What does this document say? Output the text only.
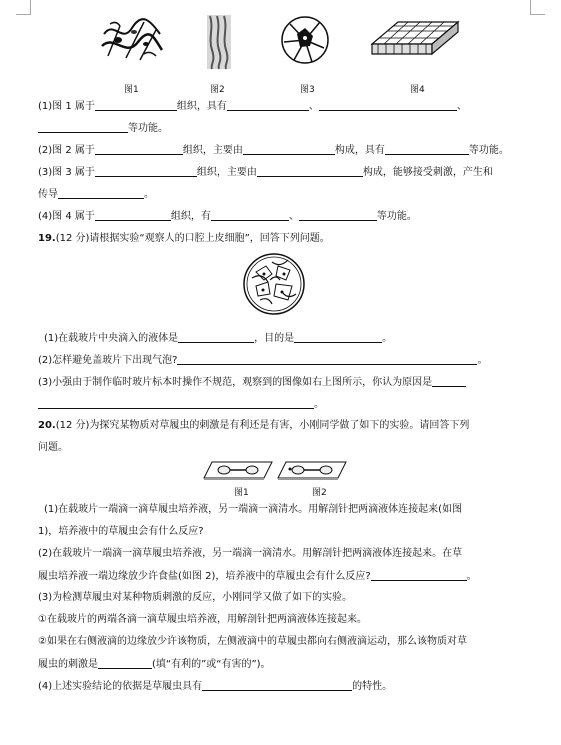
图1	图2	图3	图4
(1)图 1 属于	组织，具有	、	、
等功能。
(2)图 2 属于	组织，主要由	构成，具有	等功能。
(3)图 3 属于	组织，主要由	构成，能够接受刺激，产生和
传导	。
(4)图 4 属于	组织，有	、	等功能。
19.(12 分)请根据实验“观察人的口腔上皮细胞”，回答下列问题。
(1)在载玻片中央滴入的液体是	，目的是	。
(2)怎样避免盖玻片下出现气泡?	。
(3)小强由于制作临时玻片标本时操作不规范，观察到的图像如右上图所示，你认为原因是
。
20.(12 分)为探究某物质对草履虫的刺激是有利还是有害，小刚同学做了如下的实验。请回答下列
问题。
图1	图2
(1)在载玻片一端滴一滴草履虫培养液，另一端滴一滴清水。用解剖针把两滴液体连接起来(如图
1)，培养液中的草履虫会有什么反应?
(2)在载玻片一端滴一滴草履虫培养液，另一端滴一滴清水。用解剖针把两滴液体连接起来。在草
履虫培养液一端边缘放少许食盐(如图 2)，培养液中的草履虫会有什么反应?	。
(3)为检测草履虫对某种物质刺激的反应，小刚同学又做了如下的实验。
①在载玻片的两端各滴一滴草履虫培养液，用解剖针把两滴液体连接起来。
②如果在右侧液滴的边缘放少许该物质，左侧液滴中的草履虫都向右侧液滴运动，那么该物质对草
履虫的刺激是	(填“有利的”或“有害的”)。
(4)上述实验结论的依据是草履虫具有	的特性。
